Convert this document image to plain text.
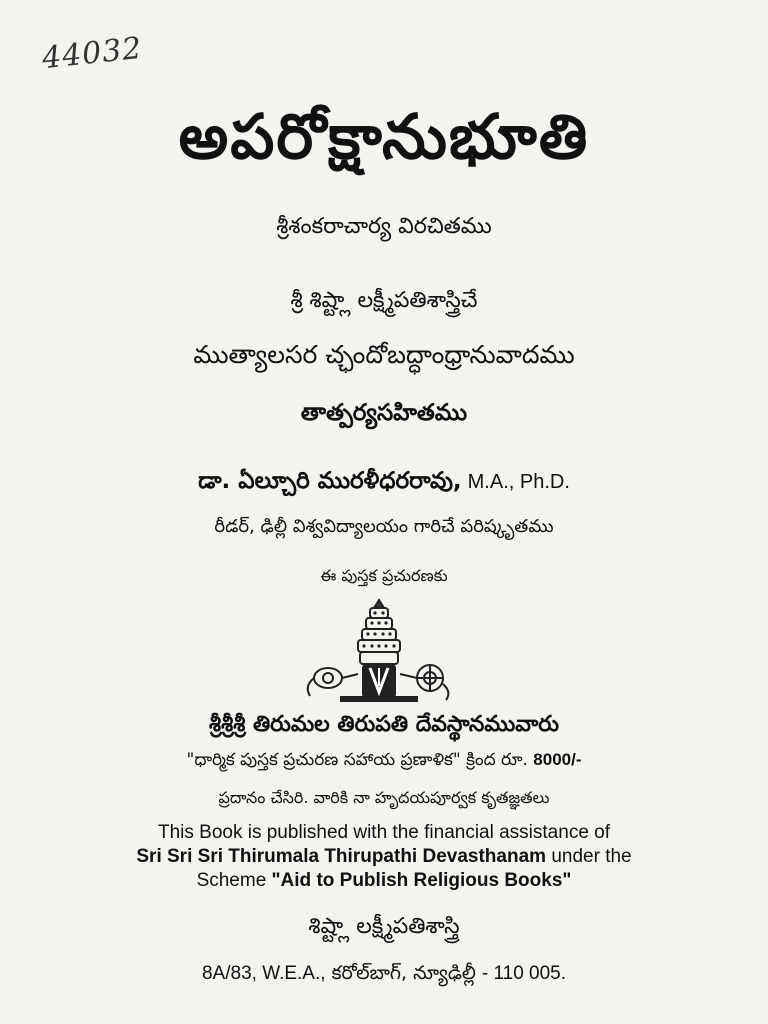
44032
అపరోక్షానుభూతి
శ్రీశంకరాచార్య విరచితము
శ్రీ శిష్ట్లా లక్ష్మీపతిశాస్త్రిచే
ముత్యాలసర చ్ఛందోబద్ధాంధ్రానువాదము
తాత్పర్యసహితము
డా. ఏల్చూరి మురళీధరరావు, M.A., Ph.D.
రీడర్, ఢిల్లీ విశ్వవిద్యాలయం గారిచే పరిష్కృతము
ఈ పుస్తక ప్రచురణకు
శ్రీశ్రీశ్రీ తిరుమల తిరుపతి దేవస్థానమువారు
"ధార్మిక పుస్తక ప్రచురణ సహాయ ప్రణాళిక" క్రింద రూ. 8000/-
ప్రదానం చేసిరి. వారికి నా హృదయపూర్వక కృతజ్ఞతలు
This Book is published with the financial assistance of
Sri Sri Sri Thirumala Thirupathi Devasthanam under the
Scheme "Aid to Publish Religious Books"
శిష్ట్లా లక్ష్మీపతిశాస్త్రి
8A/83, W.E.A., కరోల్‌బాగ్, న్యూఢిల్లీ - 110 005.
